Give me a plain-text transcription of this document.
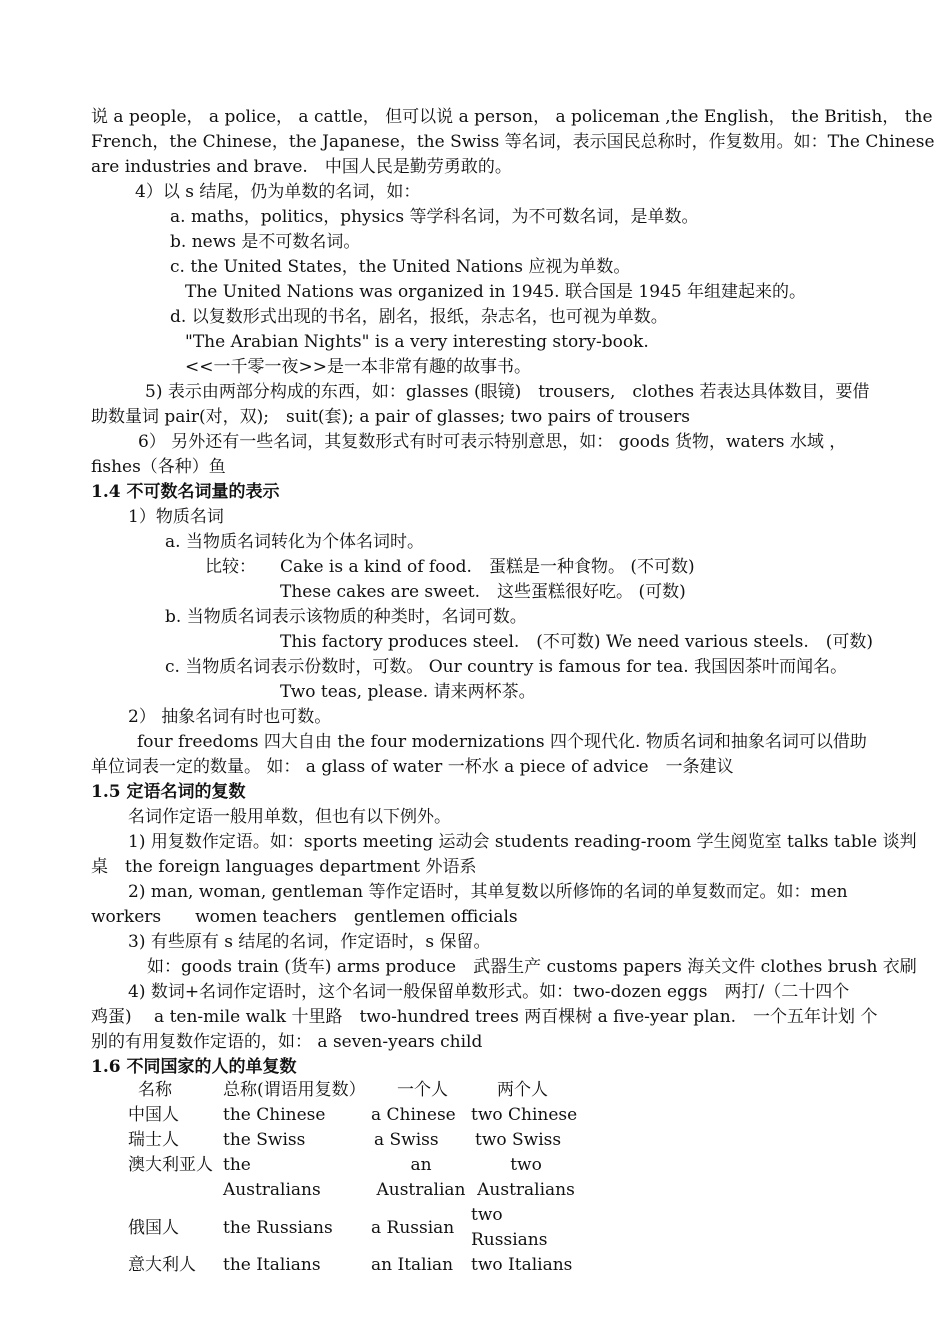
说 a people， a police， a cattle， 但可以说 a person， a policeman ,the English， the British， the
French，the Chinese，the Japanese，the Swiss 等名词，表示国民总称时，作复数用。如：The Chinese
are industries and brave.　中国人民是勤劳勇敢的。
4）以 s 结尾，仍为单数的名词，如：
a. maths，politics，physics 等学科名词，为不可数名词，是单数。
b. news 是不可数名词。
c. the United States，the United Nations 应视为单数。
The United Nations was organized in 1945. 联合国是 1945 年组建起来的。
d. 以复数形式出现的书名，剧名，报纸，杂志名，也可视为单数。
"The Arabian Nights" is a very interesting story-book.
<<一千零一夜>>是一本非常有趣的故事书。
5) 表示由两部分构成的东西，如：glasses (眼镜)　trousers,　clothes 若表达具体数目，要借
助数量词 pair(对，双);　suit(套); a pair of glasses; two pairs of trousers
6） 另外还有一些名词，其复数形式有时可表示特别意思，如： goods 货物，waters 水域 ，
fishes（各种）鱼
1.4 不可数名词量的表示
1）物质名词
a. 当物质名词转化为个体名词时。
比较： Cake is a kind of food.　蛋糕是一种食物。 (不可数)
These cakes are sweet.　这些蛋糕很好吃。 (可数)
b. 当物质名词表示该物质的种类时，名词可数。
This factory produces steel.　(不可数) We need various steels.　(可数)
c. 当物质名词表示份数时，可数。 Our country is famous for tea. 我国因茶叶而闻名。
Two teas, please. 请来两杯茶。
2） 抽象名词有时也可数。
four freedoms 四大自由 the four modernizations 四个现代化. 物质名词和抽象名词可以借助
单位词表一定的数量。 如： a glass of water 一杯水 a piece of advice　一条建议
1.5 定语名词的复数
名词作定语一般用单数，但也有以下例外。
1) 用复数作定语。如：sports meeting 运动会 students reading-room 学生阅览室 talks table 谈判
桌　the foreign languages department 外语系
2) man, woman, gentleman 等作定语时，其单复数以所修饰的名词的单复数而定。如：men
workers　　women teachers　gentlemen officials
3) 有些原有 s 结尾的名词，作定语时，s 保留。
如：goods train (货车) arms produce　武器生产 customs papers 海关文件 clothes brush 衣刷
4) 数词+名词作定语时，这个名词一般保留单数形式。如：two-dozen eggs　两打/（二十四个
鸡蛋)　 a ten-mile walk 十里路　two-hundred trees 两百棵树 a five-year plan.　一个五年计划 个
别的有用复数作定语的，如： a seven-years child
1.6 不同国家的人的单复数
名称	总称(谓语用复数）	一个人	两个人
中国人	the Chinese	a Chinese	two Chinese
瑞士人	the Swiss	a Swiss	two Swiss
澳大利亚人	the Australians	an Australian	two Australians
俄国人	the Russians	a Russian	two Russians
意大利人	the Italians	an Italian	two Italians
